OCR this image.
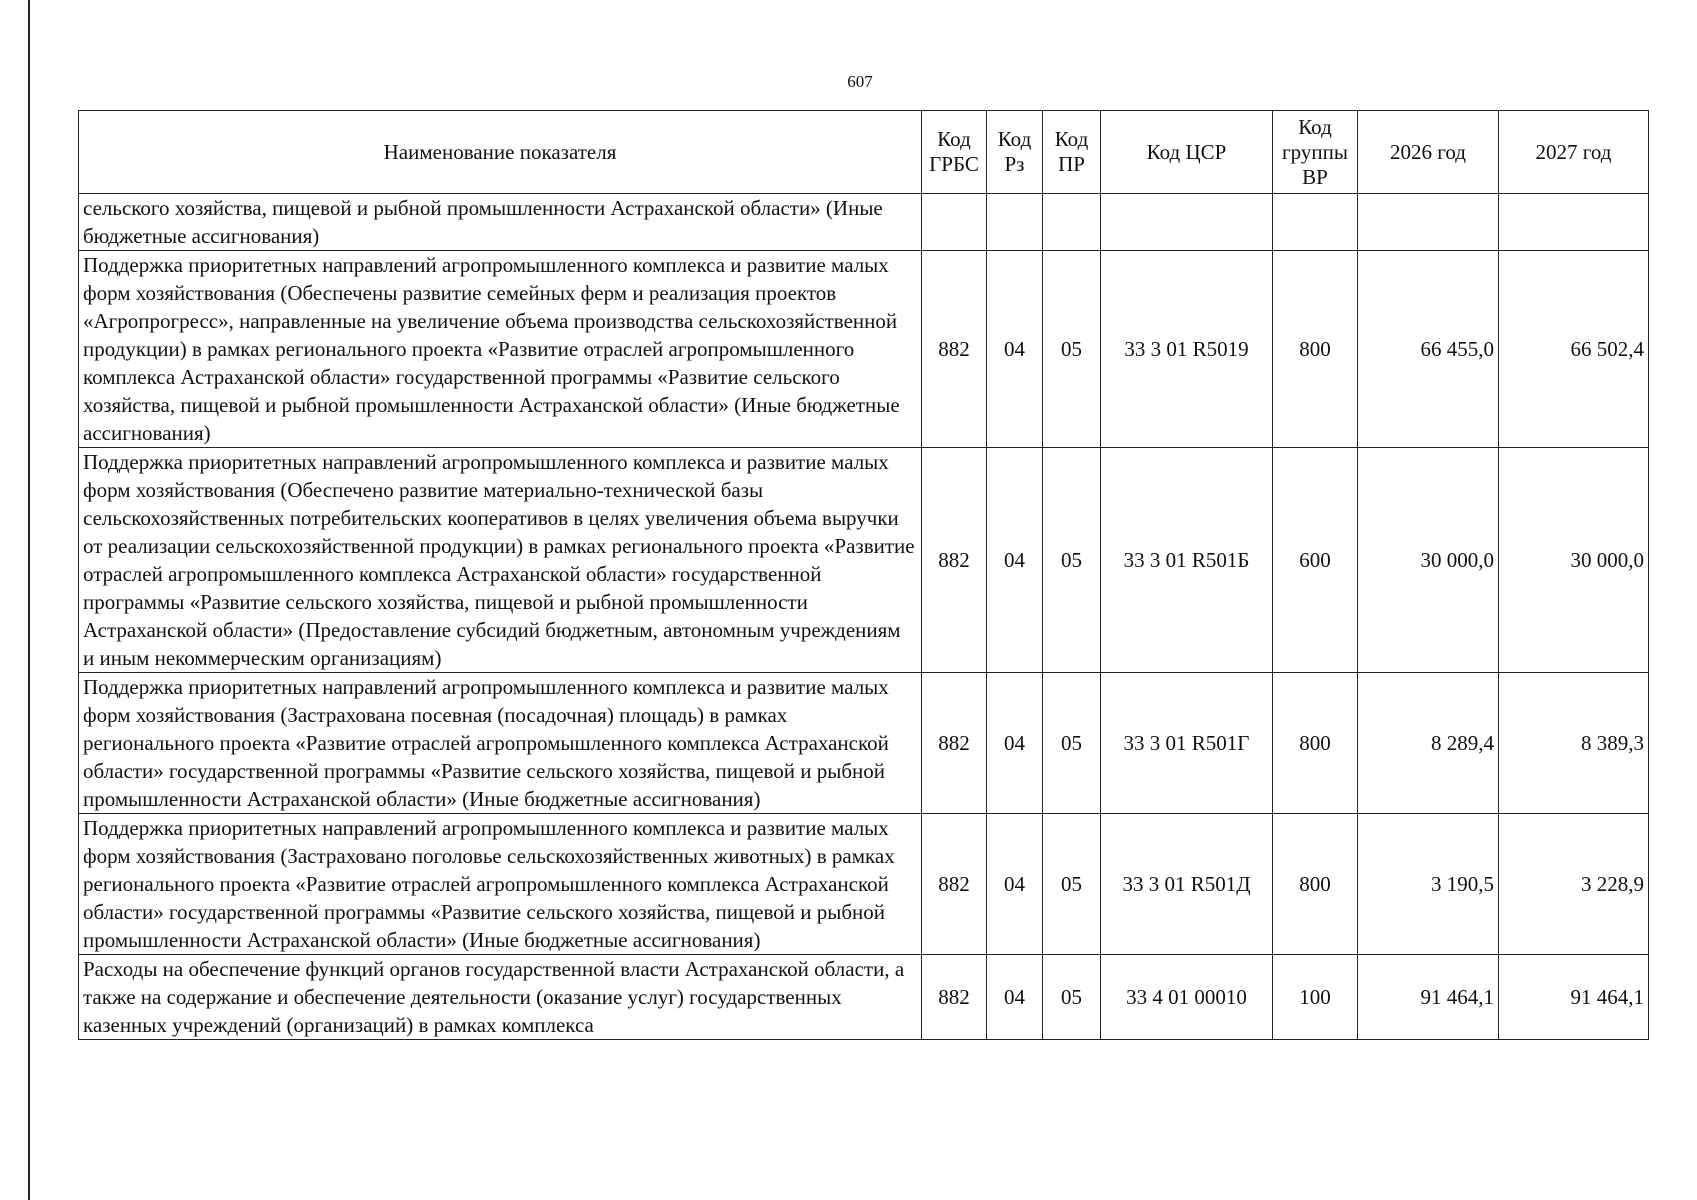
607
Наименование показателя	Код ГРБС	Код Рз	Код ПР	Код ЦСР	Код группы ВР	2026 год	2027 год
сельского хозяйства, пищевой и рыбной промышленности Астраханской области» (Иные бюджетные ассигнования)							
Поддержка приоритетных направлений агропромышленного комплекса и развитие малых форм хозяйствования (Обеспечены развитие семейных ферм и реализация проектов «Агропрогресс», направленные на увеличение объема производства сельскохозяйственной продукции) в рамках регионального проекта «Развитие отраслей агропромышленного комплекса Астраханской области» государственной программы «Развитие сельского хозяйства, пищевой и рыбной промышленности Астраханской области» (Иные бюджетные ассигнования)	882	04	05	33 3 01 R5019	800	66 455,0	66 502,4
Поддержка приоритетных направлений агропромышленного комплекса и развитие малых форм хозяйствования (Обеспечено развитие материально-технической базы сельскохозяйственных потребительских кооперативов в целях увеличения объема выручки от реализации сельскохозяйственной продукции) в рамках регионального проекта «Развитие отраслей агропромышленного комплекса Астраханской области» государственной программы «Развитие сельского хозяйства, пищевой и рыбной промышленности Астраханской области» (Предоставление субсидий бюджетным, автономным учреждениям и иным некоммерческим организациям)	882	04	05	33 3 01 R501Б	600	30 000,0	30 000,0
Поддержка приоритетных направлений агропромышленного комплекса и развитие малых форм хозяйствования (Застрахована посевная (посадочная) площадь) в рамках регионального проекта «Развитие отраслей агропромышленного комплекса Астраханской области» государственной программы «Развитие сельского хозяйства, пищевой и рыбной промышленности Астраханской области» (Иные бюджетные ассигнования)	882	04	05	33 3 01 R501Г	800	8 289,4	8 389,3
Поддержка приоритетных направлений агропромышленного комплекса и развитие малых форм хозяйствования (Застраховано поголовье сельскохозяйственных животных) в рамках регионального проекта «Развитие отраслей агропромышленного комплекса Астраханской области» государственной программы «Развитие сельского хозяйства, пищевой и рыбной промышленности Астраханской области» (Иные бюджетные ассигнования)	882	04	05	33 3 01 R501Д	800	3 190,5	3 228,9
Расходы на обеспечение функций органов государственной власти Астраханской области, а также на содержание и обеспечение деятельности (оказание услуг) государственных казенных учреждений (организаций) в рамках комплекса	882	04	05	33 4 01 00010	100	91 464,1	91 464,1
